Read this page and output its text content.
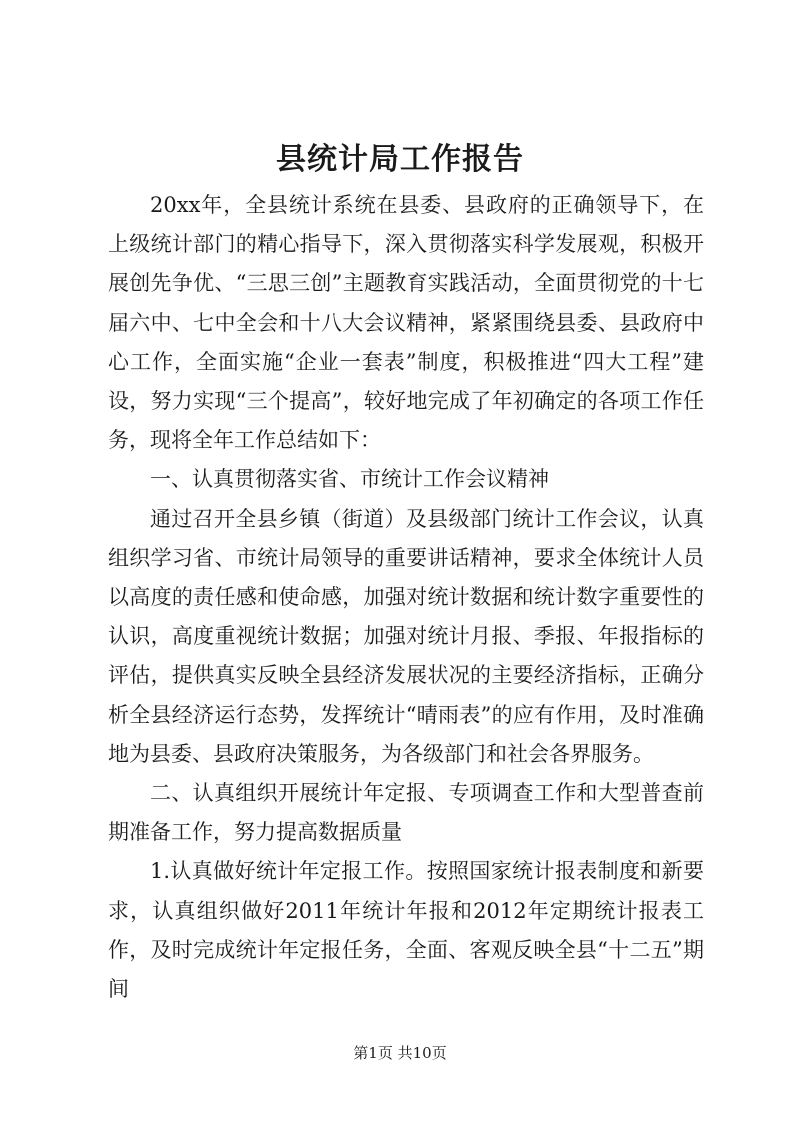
县统计局工作报告

20xx年，全县统计系统在县委、县政府的正确领导下，在上级统计部门的精心指导下，深入贯彻落实科学发展观，积极开展创先争优、“三思三创”主题教育实践活动，全面贯彻党的十七届六中、七中全会和十八大会议精神，紧紧围绕县委、县政府中心工作，全面实施“企业一套表”制度，积极推进“四大工程”建设，努力实现“三个提高”，较好地完成了年初确定的各项工作任务，现将全年工作总结如下：

一、认真贯彻落实省、市统计工作会议精神

通过召开全县乡镇（街道）及县级部门统计工作会议，认真组织学习省、市统计局领导的重要讲话精神，要求全体统计人员以高度的责任感和使命感，加强对统计数据和统计数字重要性的认识，高度重视统计数据；加强对统计月报、季报、年报指标的评估，提供真实反映全县经济发展状况的主要经济指标，正确分析全县经济运行态势，发挥统计“晴雨表”的应有作用，及时准确地为县委、县政府决策服务，为各级部门和社会各界服务。

二、认真组织开展统计年定报、专项调查工作和大型普查前期准备工作，努力提高数据质量

1.认真做好统计年定报工作。按照国家统计报表制度和新要求，认真组织做好2011年统计年报和2012年定期统计报表工作，及时完成统计年定报任务，全面、客观反映全县“十二五”期间

第1页 共10页
